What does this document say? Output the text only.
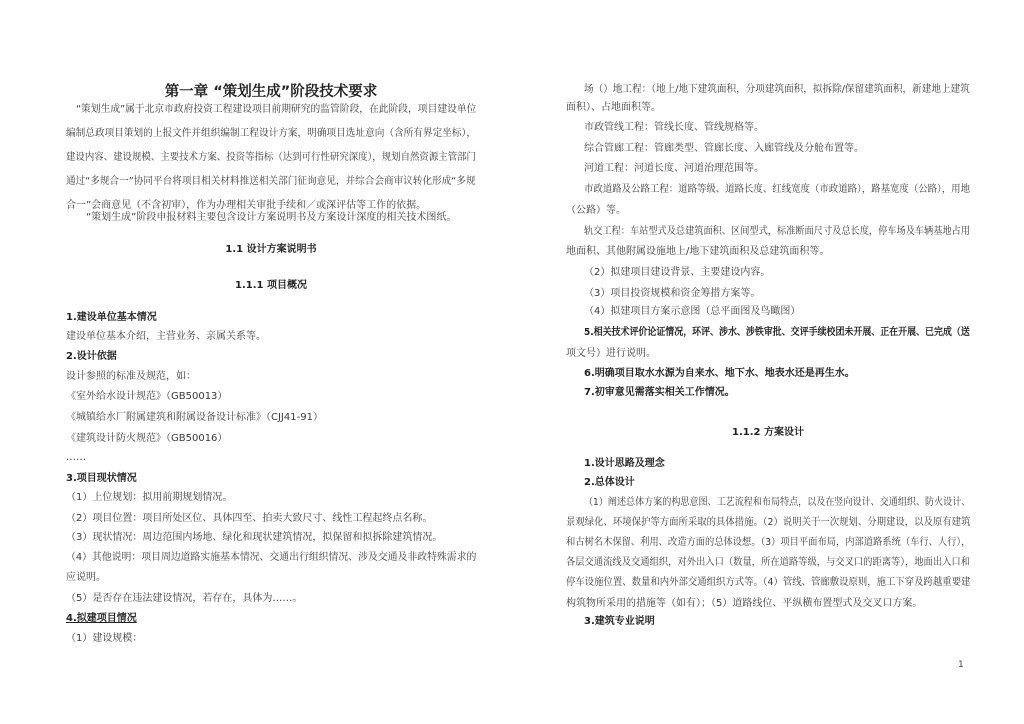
第一章 “策划生成”阶段技术要求
“策划生成”属于北京市政府投资工程建设项目前期研究的监管阶段，在此阶段，项目建设单位
编制总政项目策划的上报文件并组织编制工程设计方案，明确项目选址意向（含所有界定坐标），
建设内容、建设规模、主要技术方案、投资等指标（达到可行性研究深度），规划自然资源主管部门
通过“多规合一”协同平台将项目相关材料推送相关部门征询意见，并综合会商审议转化形成“多规
合一”会商意见（不含初审），作为办理相关审批手续和／或深评估等工作的依据。
“策划生成”阶段申报材料主要包含设计方案说明书及方案设计深度的相关技术图纸。
1.1 设计方案说明书
1.1.1 项目概况
1.建设单位基本情况
建设单位基本介绍，主营业务、亲属关系等。
2.设计依据
设计参照的标准及规范，如：
《室外给水设计规范》（GB50013）
《城镇给水厂附属建筑和附属设备设计标准》（CJJ41-91）
《建筑设计防火规范》（GB50016）
……
3.项目现状情况
（1）上位规划：拟用前期规划情况。
（2）项目位置：项目所处区位、具体四至、拍卖大致尺寸、线性工程起终点名称。
（3）现状情况：周边范围内场地、绿化和现状建筑情况，拟保留和拟拆除建筑情况。
（4）其他说明：项目周边道路实施基本情况、交通出行组织情况、涉及交通及非政特殊需求的
应说明。
（5）是否存在违法建设情况，若存在，具体为……。
4.拟建项目情况
（1）建设规模：
场（）地工程：（地上/地下建筑面积，分项建筑面积，拟拆除/保留建筑面积，新建地上建筑
面积）、占地面积等。
市政管线工程：管线长度、管线规格等。
综合管廊工程：管廊类型、管廊长度、入廊管线及分舱布置等。
河道工程：河道长度、河道治理范围等。
市政道路及公路工程：道路等级、道路长度、红线宽度（市政道路），路基宽度（公路），用地
（公路）等。
轨交工程：车站型式及总建筑面积、区间型式，标准断面尺寸及总长度，停车场及车辆基地占用
地面积、其他附属设施地上/地下建筑面积及总建筑面积等。
（2）拟建项目建设背景、主要建设内容。
（3）项目投资规模和资金筹措方案等。
（4）拟建项目方案示意图（总平面图及鸟瞰图）
5.相关技术评价论证情况，环评、涉水、涉铁审批、交评手续校团未开展、正在开展、已完成（送
项文号）进行说明。
6.明确项目取水水源为自来水、地下水、地表水还是再生水。
7.初审意见需落实相关工作情况。
1.1.2 方案设计
1.设计思路及理念
2.总体设计
（1）阐述总体方案的构思意图、工艺流程和布局特点，以及在竖向设计、交通组织、防火设计、
景观绿化、环境保护等方面所采取的具体措施。（2）说明关于一次规划、分期建设，以及原有建筑
和古树名木保留、利用、改造方面的总体设想。（3）项目平面布局，内部道路系统（车行、人行），
各层交通流线及交通组织，对外出入口（数量，所在道路等级，与交叉口的距离等），地面出入口和
停车设施位置、数量和内外部交通组织方式等。（4）管线、管廊敷设原则，施工下穿及跨越重要建
构筑物所采用的措施等（如有）；（5）道路线位、平纵横布置型式及交叉口方案。
3.建筑专业说明
1
